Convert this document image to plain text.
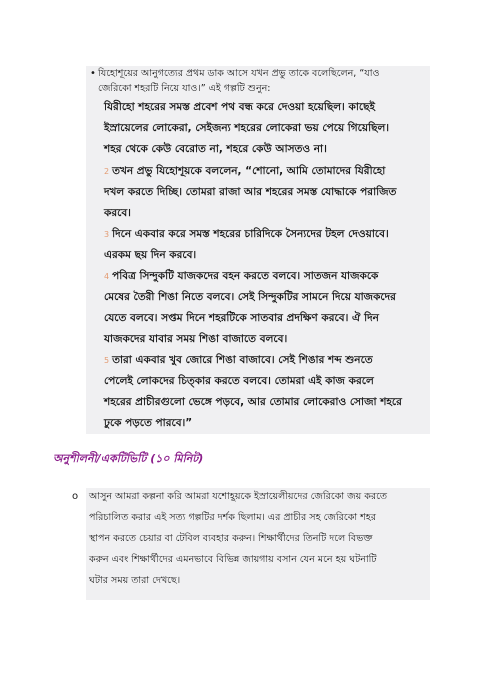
• যিহোশূয়ের আনুগত্যের প্রথম ডাক আসে যখন প্রভু তাকে বলেছিলেন, “যাও
জেরিকো শহরটি নিয়ে যাও।” এই গল্পটি শুনুন:
যিরীহো শহরের সমস্ত প্রবেশ পথ বন্ধ করে দেওয়া হয়েছিল। কাছেই
ইস্রায়েলের লোকেরা, সেইজন্য শহরের লোকেরা ভয় পেয়ে গিয়েছিল।
শহর থেকে কেউ বেরোত না, শহরে কেউ আসতও না।
2 তখন প্রভু যিহোশূয়কে বললেন, “শোনো, আমি তোমাদের যিরীহো
দখল করতে দিচ্ছি। তোমরা রাজা আর শহরের সমস্ত যোদ্ধাকে পরাজিত
করবে।
3 দিনে একবার করে সমস্ত শহরের চারিদিকে সৈন্যদের টহল দেওয়াবে।
এরকম ছয় দিন করবে।
4 পবিত্র সিন্দুকটি যাজকদের বহন করতে বলবে। সাতজন যাজককে
মেষের তৈরী শিঙা নিতে বলবে। সেই সিন্দুকটির সামনে দিয়ে যাজকদের
যেতে বলবে। সপ্তম দিনে শহরটিকে সাতবার প্রদক্ষিণ করবে। ঐ দিন
যাজকদের যাবার সময় শিঙা বাজাতে বলবে।
5 তারা একবার খুব জোরে শিঙা বাজাবে। সেই শিঙার শব্দ শুনতে
পেলেই লোকদের চিত্কার করতে বলবে। তোমরা এই কাজ করলে
শহরের প্রাচীরগুলো ভেঙ্গে পড়বে, আর তোমার লোকেরাও সোজা শহরে
ঢুকে পড়তে পারবে।”
অনুশীলনী/একটিভিটি (১০ মিনিট)
o আসুন আমরা কল্পনা করি আমরা যশোহূয়কে ইস্রায়েলীয়দের জেরিকো জয় করতে
পরিচালিত করার এই সত্য গল্পটির দর্শক ছিলাম। এর প্রাচীর সহ জেরিকো শহর
স্থাপন করতে চেয়ার বা টেবিল ব্যবহার করুন। শিক্ষার্থীদের তিনটি দলে বিভক্ত
করুন এবং শিক্ষার্থীদের এমনভাবে বিভিন্ন জায়গায় বসান যেন মনে হয় ঘটনাটি
ঘটার সময় তারা দেখছে।
